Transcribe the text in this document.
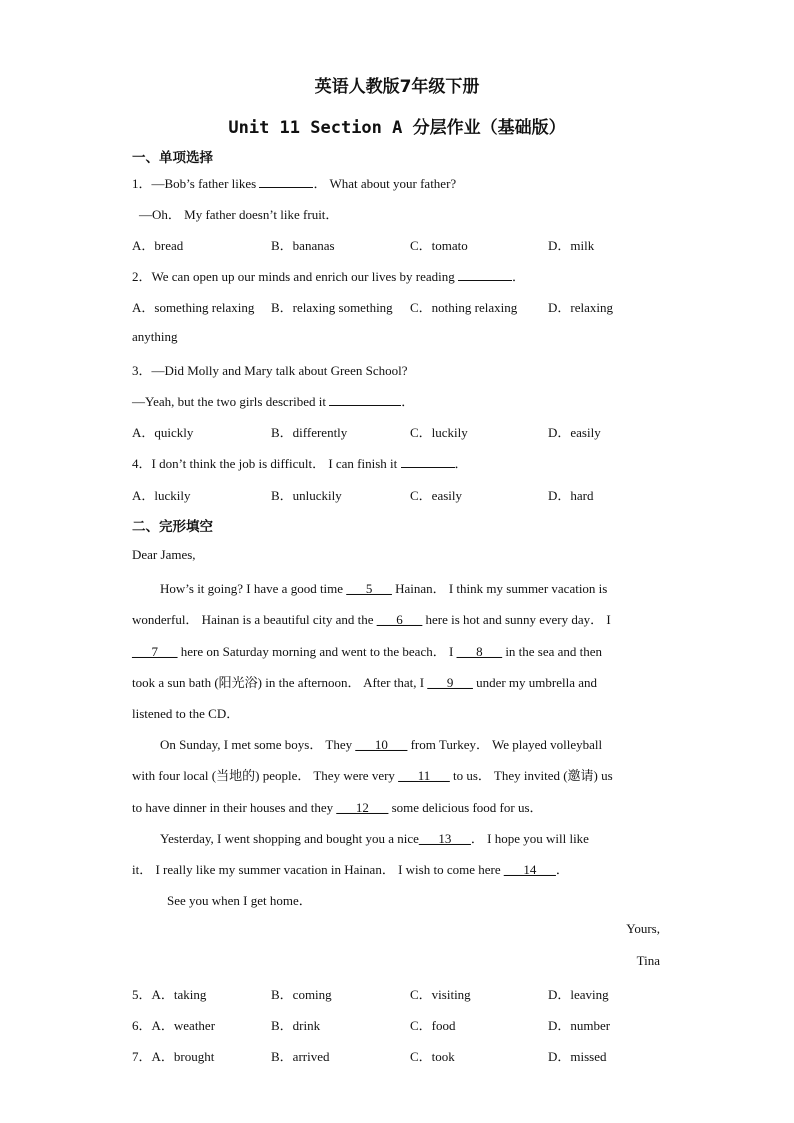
英语人教版7年级下册
Unit 11 Section A 分层作业（基础版）
一、单项选择
1．—Bob’s father likes	． What about your father?
—Oh． My father doesn’t like fruit．
A．bread	B．bananas	C．tomato	D．milk
2．We can open up our minds and enrich our lives by reading	．
A．something relaxing B．relaxing something C．nothing relaxing D．relaxing
anything
3．—Did Molly and Mary talk about Green School?
—Yeah, but the two girls described it	．
A．quickly	B．differently	C．luckily	D．easily
4．I don’t think the job is difficult． I can finish it	．
A．luckily	B．unluckily	C．easily	D．hard
二、完形填空
Dear James,
How’s it going? I have a good time ___5___ Hainan． I think my summer vacation is
wonderful． Hainan is a beautiful city and the ___6___ here is hot and sunny every day． I
___7___ here on Saturday morning and went to the beach． I ___8___ in the sea and then
took a sun bath (阳光浴) in the afternoon． After that, I ___9___ under my umbrella and
listened to the CD．
On Sunday, I met some boys． They ___10___ from Turkey． We played volleyball
with four local (当地的) people． They were very ___11___ to us． They invited (邀请) us
to have dinner in their houses and they ___12___ some delicious food for us．
Yesterday, I went shopping and bought you a nice___13___． I hope you will like
it． I really like my summer vacation in Hainan． I wish to come here ___14___．
See you when I get home．
Yours,
Tina
5．A．taking	B．coming	C．visiting	D．leaving
6．A．weather	B．drink	C．food	D．number
7．A．brought	B．arrived	C．took	D．missed
